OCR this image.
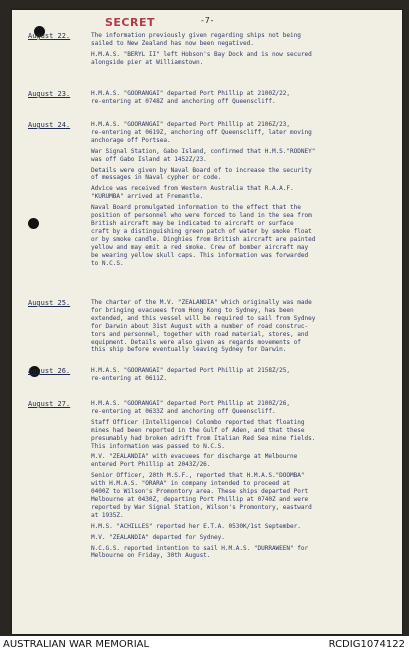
SECRET	-7-
August 22.	The information previously given regarding ships not being
sailed to New Zealand has now been negatived.

H.M.A.S. "BERYL II" left Hobson's Bay Dock and is now secured
alongside pier at Williamstown.

August 23.	H.M.A.S. "GOORANGAI" departed Port Phillip at 2100Z/22,
re-entering at 0748Z and anchoring off Queenscliff.

August 24.	H.M.A.S. "GOORANGAI" departed Port Phillip at 2106Z/23,
re-entering at 0619Z, anchoring off Queenscliff, later moving
anchorage off Portsea.

War Signal Station, Gabo Island, confirmed that H.M.S."RODNEY"
was off Gabo Island at 1452Z/23.

Details were given by Naval Board of to increase the security
of messages in Naval cypher or code.

Advice was received from Western Australia that R.A.A.F.
"KURUMBA" arrived at Fremantle.

Naval Board promulgated information to the effect that the
position of personnel who were forced to land in the sea from
British aircraft may be indicated to aircraft or surface
craft by a distinguishing green patch of water by smoke float
or by smoke candle. Dinghies from British aircraft are painted
yellow and may emit a red smoke. Crew of bomber aircraft may
be wearing yellow skull caps. This information was forwarded
to N.C.S.

August 25.	The charter of the M.V. "ZEALANDIA" which originally was made
for bringing evacuees from Hong Kong to Sydney, has been
extended, and this vessel will be required to sail from Sydney
for Darwin about 31st August with a number of road construc-
tors and personnel, together with road material, stores, and
equipment. Details were also given as regards movements of
this ship before eventually leaving Sydney for Darwin.

August 26.	H.M.A.S. "GOORANGAI" departed Port Phillip at 2158Z/25,
re-entering at 0611Z.

August 27.	H.M.A.S. "GOORANGAI" departed Port Phillip at 2100Z/26,
re-entering at 0633Z and anchoring off Queenscliff.

Staff Officer (Intelligence) Colombo reported that floating
mines had been reported in the Gulf of Aden, and that these
presumably had broken adrift from Italian Red Sea mine fields.
This information was passed to N.C.S.

M.V. "ZEALANDIA" with evacuees for discharge at Melbourne
entered Port Phillip at 2043Z/26.

Senior Officer, 20th M.S.F., reported that H.M.A.S."DOOMBA"
with H.M.A.S. "ORARA" in company intended to proceed at
0400Z to Wilson's Promontory area. These ships departed Port
Melbourne at 0430Z, departing Port Phillip at 0740Z and were
reported by War Signal Station, Wilson's Promontory, eastward
at 1935Z.

H.M.S. "ACHILLES" reported her E.T.A. 0530K/1st September.

M.V. "ZEALANDIA" departed for Sydney.

N.C.G.S. reported intention to sail H.M.A.S. "DURRAWEEN" for
Melbourne on Friday, 30th August.

AUSTRALIAN WAR MEMORIAL	RCDIG1074122
